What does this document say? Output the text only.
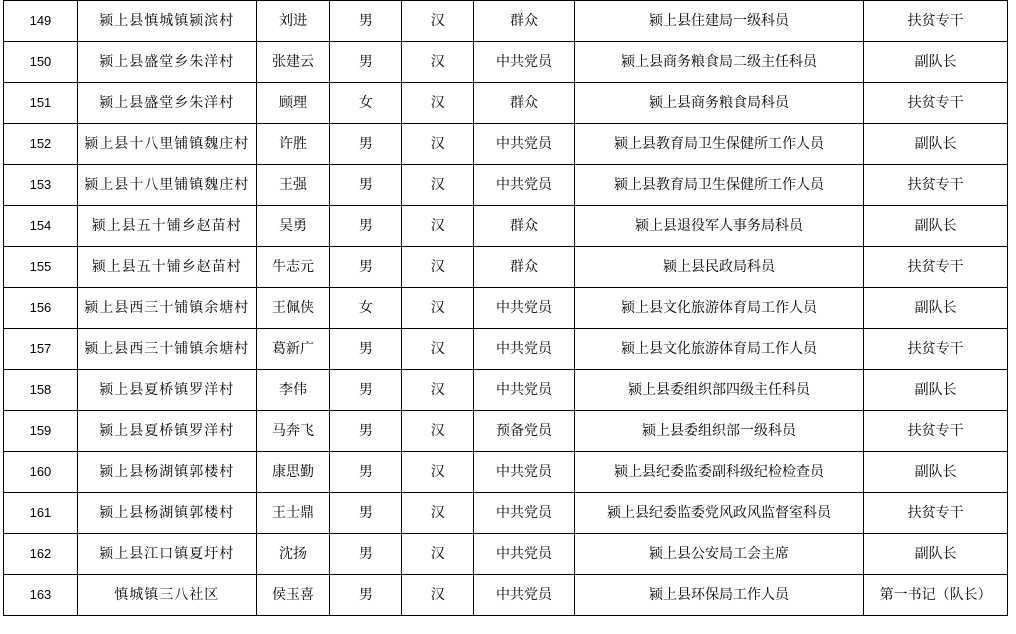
149	颍上县慎城镇颍滨村	刘进	男	汉	群众	颍上县住建局一级科员	扶贫专干
150	颍上县盛堂乡朱洋村	张建云	男	汉	中共党员	颍上县商务粮食局二级主任科员	副队长
151	颍上县盛堂乡朱洋村	顾理	女	汉	群众	颍上县商务粮食局科员	扶贫专干
152	颍上县十八里铺镇魏庄村	许胜	男	汉	中共党员	颍上县教育局卫生保健所工作人员	副队长
153	颍上县十八里铺镇魏庄村	王强	男	汉	中共党员	颍上县教育局卫生保健所工作人员	扶贫专干
154	颍上县五十铺乡赵苗村	吴勇	男	汉	群众	颍上县退役军人事务局科员	副队长
155	颍上县五十铺乡赵苗村	牛志元	男	汉	群众	颍上县民政局科员	扶贫专干
156	颍上县西三十铺镇余塘村	王佩侠	女	汉	中共党员	颍上县文化旅游体育局工作人员	副队长
157	颍上县西三十铺镇余塘村	葛新广	男	汉	中共党员	颍上县文化旅游体育局工作人员	扶贫专干
158	颍上县夏桥镇罗洋村	李伟	男	汉	中共党员	颍上县委组织部四级主任科员	副队长
159	颍上县夏桥镇罗洋村	马奔飞	男	汉	预备党员	颍上县委组织部一级科员	扶贫专干
160	颍上县杨湖镇郭楼村	康思勤	男	汉	中共党员	颍上县纪委监委副科级纪检检查员	副队长
161	颍上县杨湖镇郭楼村	王士鼎	男	汉	中共党员	颍上县纪委监委党风政风监督室科员	扶贫专干
162	颍上县江口镇夏圩村	沈扬	男	汉	中共党员	颍上县公安局工会主席	副队长
163	慎城镇三八社区	侯玉喜	男	汉	中共党员	颍上县环保局工作人员	第一书记（队长）
